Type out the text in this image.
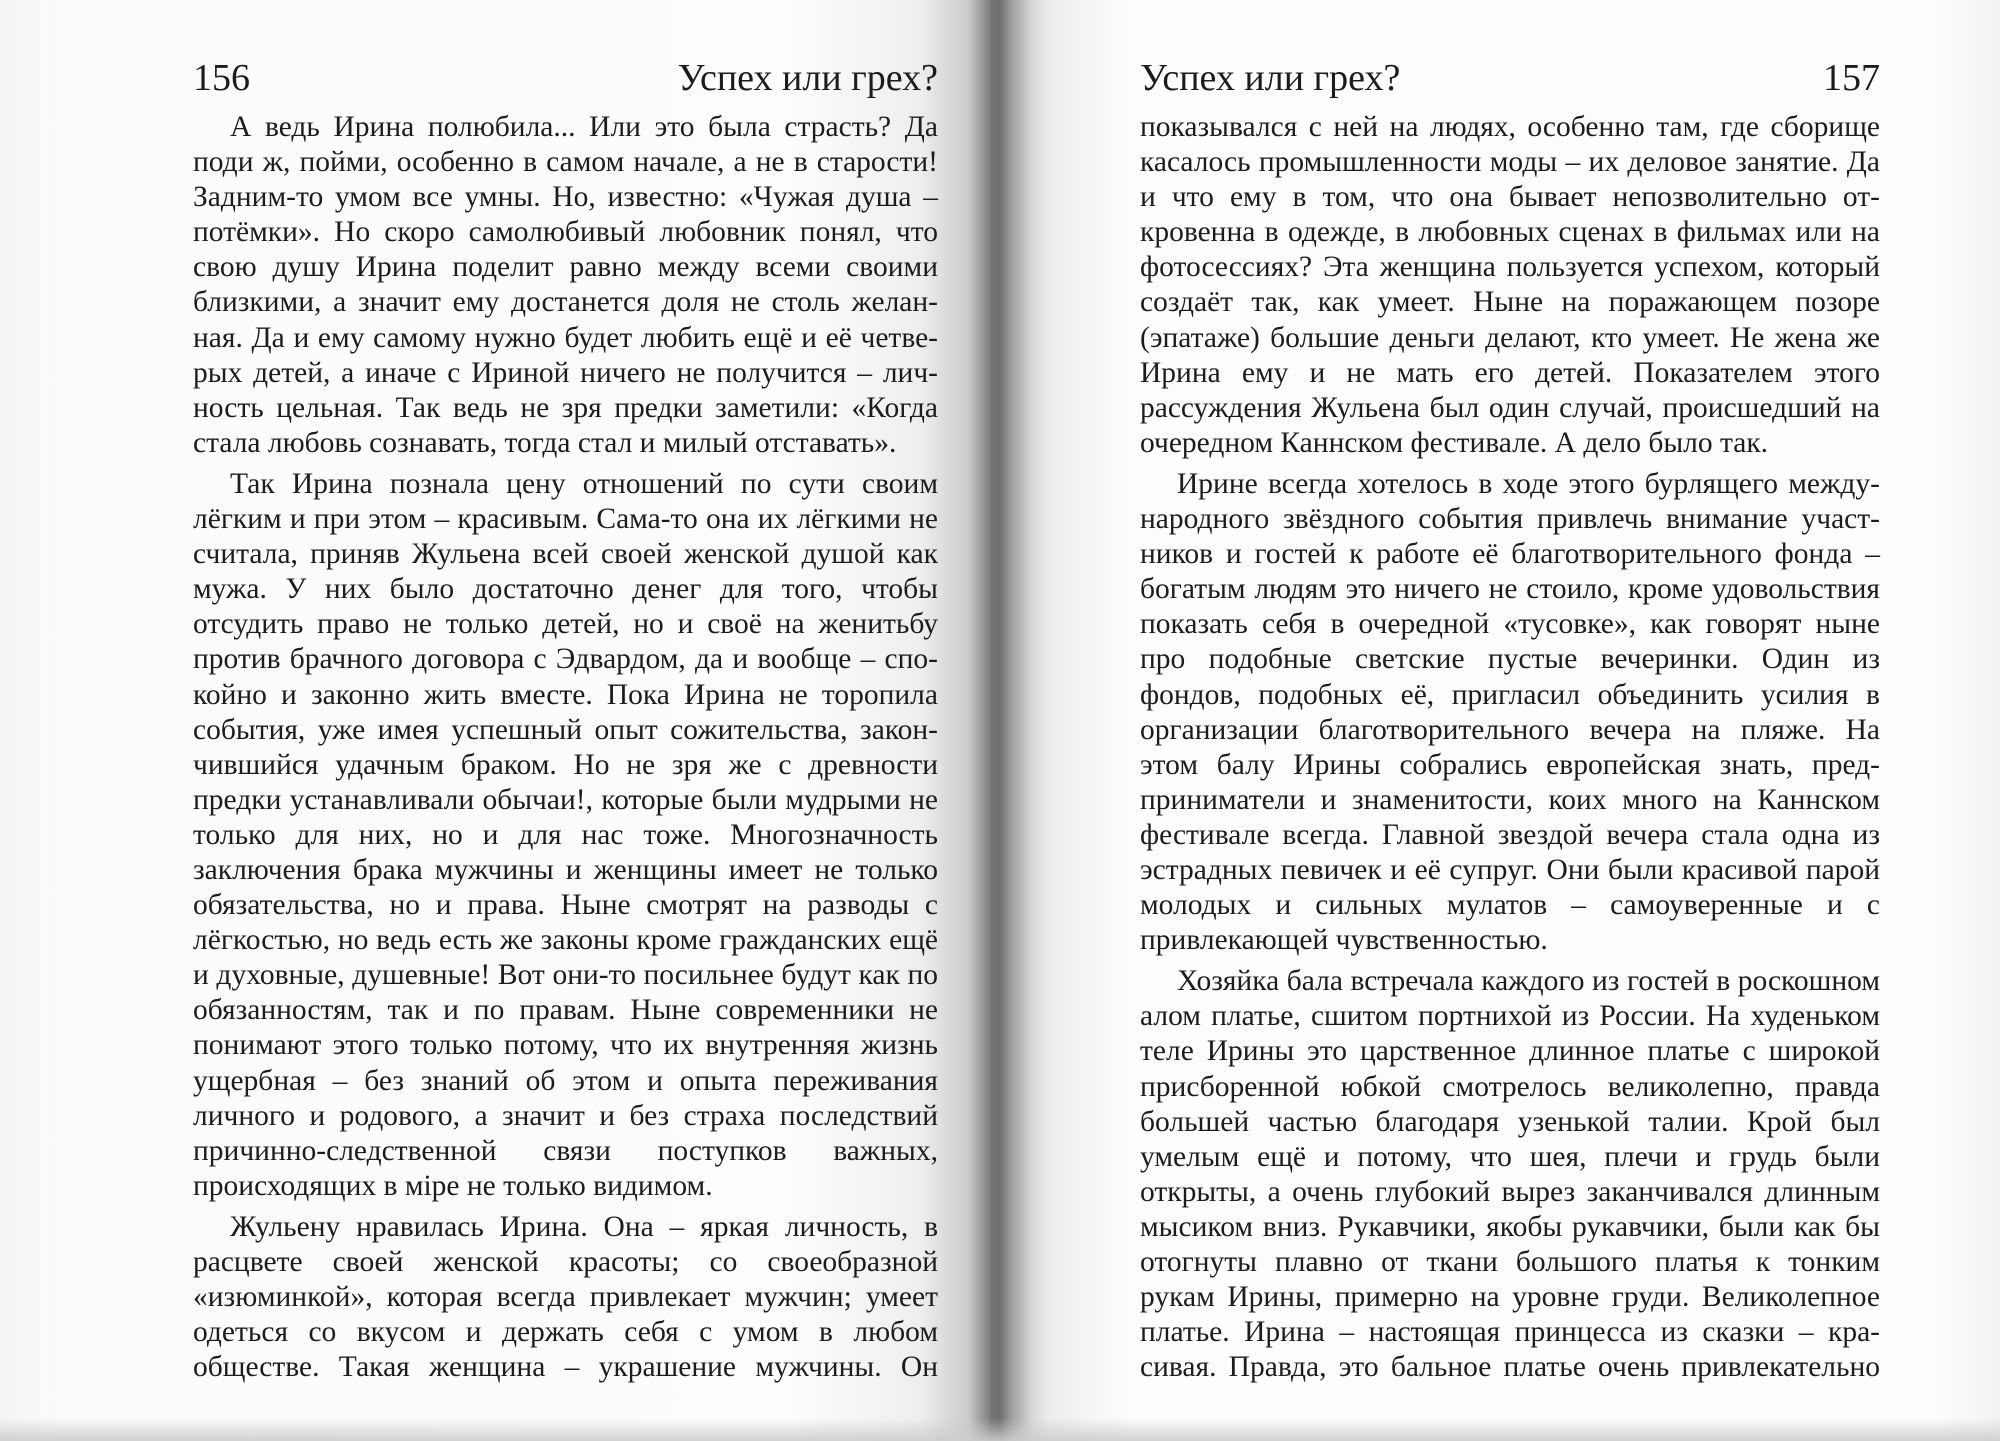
156	Успех или грех?

А ведь Ирина полюбила... Или это была страсть? Да поди ж, пойми, особенно в самом начале, а не в старости! Задним-то умом все умны. Но, известно: «Чужая душа – потёмки». Но скоро самолюбивый любовник понял, что свою душу Ирина поделит равно между всеми своими близкими, а значит ему достанется доля не столь желанная. Да и ему самому нужно будет любить ещё и её четверых детей, а иначе с Ириной ничего не получится – личность цельная. Так ведь не зря предки заметили: «Когда стала любовь сознавать, тогда стал и милый отставать».

Так Ирина познала цену отношений по сути своим лёгким и при этом – красивым. Сама-то она их лёгкими не считала, приняв Жульена всей своей женской душой как мужа. У них было достаточно денег для того, чтобы отсудить право не только детей, но и своё на женитьбу против брачного договора с Эдвардом, да и вообще – спокойно и законно жить вместе. Пока Ирина не торопила события, уже имея успешный опыт сожительства, закончившийся удачным браком. Но не зря же с древности предки устанавливали обычаи!, которые были мудрыми не только для них, но и для нас тоже. Многозначность заключения брака мужчины и женщины имеет не только обязательства, но и права. Ныне смотрят на разводы с лёгкостью, но ведь есть же законы кроме гражданских ещё и духовные, душевные! Вот они-то посильнее будут как по обязанностям, так и по правам. Ныне современники не понимают этого только потому, что их внутренняя жизнь ущербная – без знаний об этом и опыта переживания личного и родового, а значит и без страха последствий причинно-следственной связи поступков важных, происходящих в міре не только видимом.

Жульену нравилась Ирина. Она – яркая личность, в расцвете своей женской красоты; со своеобразной «изюминкой», которая всегда привлекает мужчин; умеет одеться со вкусом и держать себя с умом в любом обществе. Такая женщина – украшение мужчины. Он

Успех или грех?	157

показывался с ней на людях, особенно там, где сборище касалось промышленности моды – их деловое занятие. Да и что ему в том, что она бывает непозволительно откровенна в одежде, в любовных сценах в фильмах или на фотосессиях? Эта женщина пользуется успехом, который создаёт так, как умеет. Ныне на поражающем позоре (эпатаже) большие деньги делают, кто умеет. Не жена же Ирина ему и не мать его детей. Показателем этого рассуждения Жульена был один случай, происшедший на очередном Каннском фестивале. А дело было так.

Ирине всегда хотелось в ходе этого бурлящего международного звёздного события привлечь внимание участников и гостей к работе её благотворительного фонда – богатым людям это ничего не стоило, кроме удовольствия показать себя в очередной «тусовке», как говорят ныне про подобные светские пустые вечеринки. Один из фондов, подобных её, пригласил объединить усилия в организации благотворительного вечера на пляже. На этом балу Ирины собрались европейская знать, предприниматели и знаменитости, коих много на Каннском фестивале всегда. Главной звездой вечера стала одна из эстрадных певичек и её супруг. Они были красивой парой молодых и сильных мулатов – самоуверенные и с привлекающей чувственностью.

Хозяйка бала встречала каждого из гостей в роскошном алом платье, сшитом портнихой из России. На худеньком теле Ирины это царственное длинное платье с широкой присборенной юбкой смотрелось великолепно, правда большей частью благодаря узенькой талии. Крой был умелым ещё и потому, что шея, плечи и грудь были открыты, а очень глубокий вырез заканчивался длинным мысиком вниз. Рукавчики, якобы рукавчики, были как бы отогнуты плавно от ткани большого платья к тонким рукам Ирины, примерно на уровне груди. Великолепное платье. Ирина – настоящая принцесса из сказки – красивая. Правда, это бальное платье очень привлекательно
